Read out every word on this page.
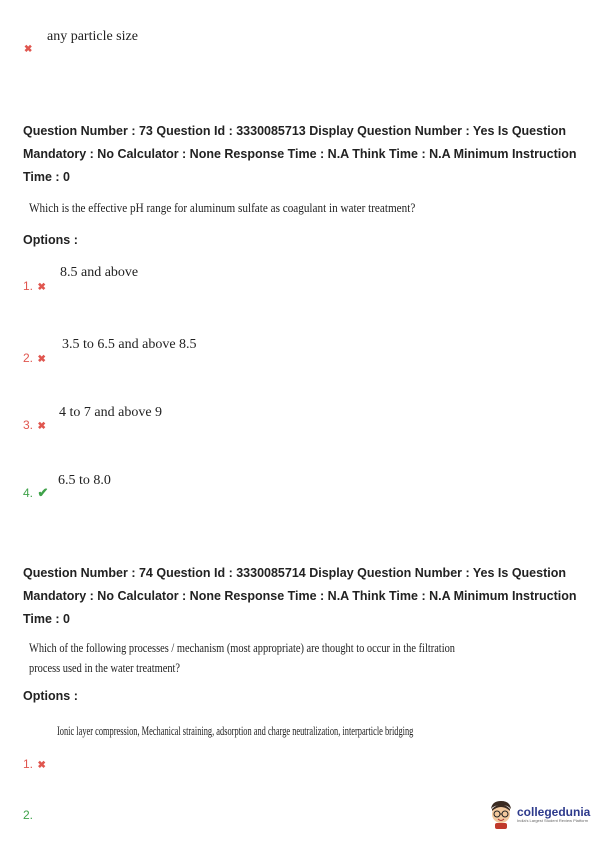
any particle size
✖
Question Number : 73 Question Id : 3330085713 Display Question Number : Yes Is Question
Mandatory : No Calculator : None Response Time : N.A Think Time : N.A Minimum Instruction
Time : 0
Which is the effective pH range for aluminum sulfate as coagulant in water treatment?
Options :
8.5 and above
1. ✖
3.5 to 6.5 and above 8.5
2. ✖
4 to 7 and above 9
3. ✖
6.5 to 8.0
4. ✔
Question Number : 74 Question Id : 3330085714 Display Question Number : Yes Is Question
Mandatory : No Calculator : None Response Time : N.A Think Time : N.A Minimum Instruction
Time : 0
Which of the following processes / mechanism (most appropriate) are thought to occur in the filtration
process used in the water treatment?
Options :
Ionic layer compression, Mechanical straining, adsorption and charge neutralization, interparticle bridging
1. ✖
2.	collegedunia
India's Largest Student Review Platform
